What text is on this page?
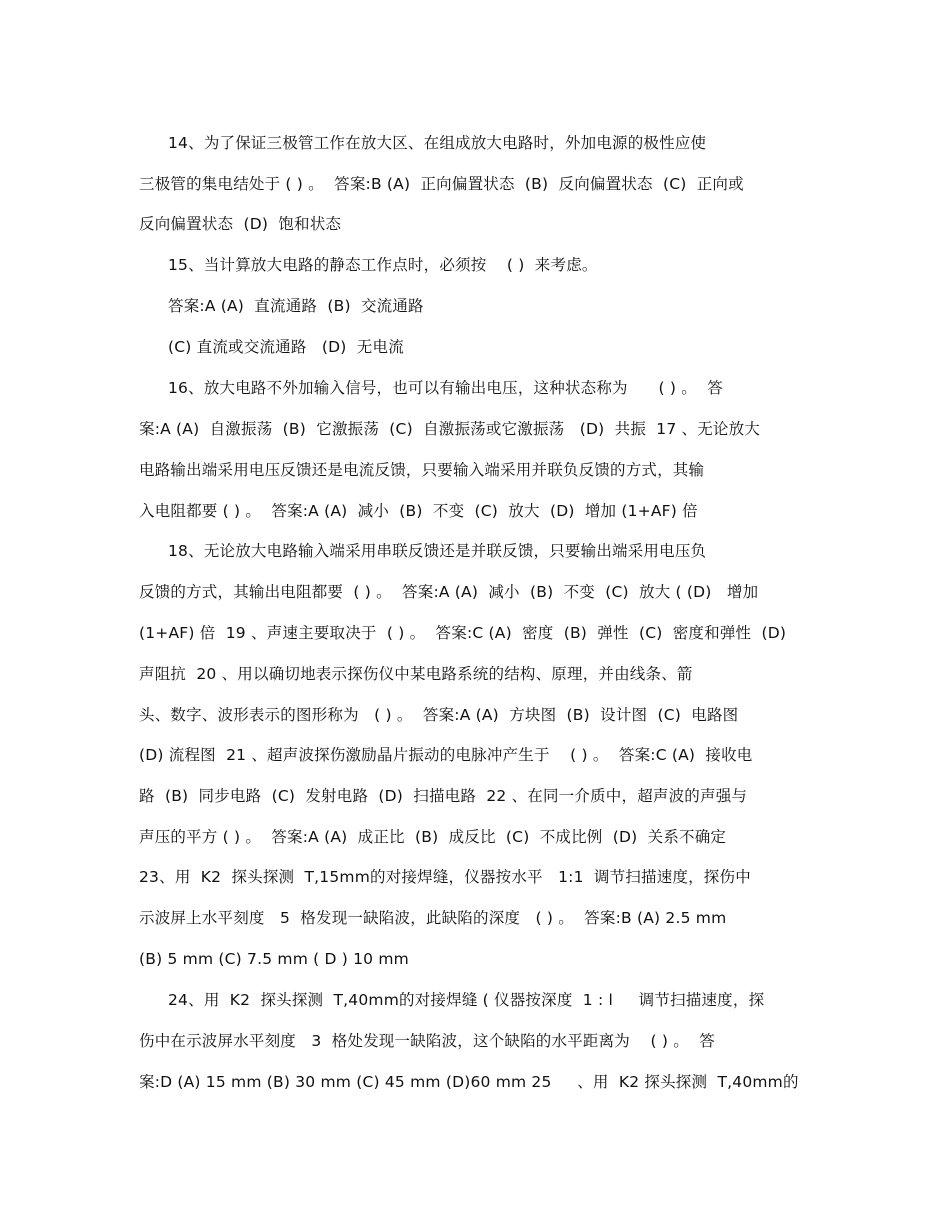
14、为了保证三极管工作在放大区、在组成放大电路时，外加电源的极性应使
三极管的集电结处于 ( ) 。  答案:B (A)  正向偏置状态  (B)  反向偏置状态  (C)  正向或
反向偏置状态  (D)  饱和状态
15、当计算放大电路的静态工作点时，必须按    ( )  来考虑。
答案:A (A)  直流通路  (B)  交流通路
(C) 直流或交流通路   (D)  无电流
16、放大电路不外加输入信号，也可以有输出电压，这种状态称为      ( ) 。  答
案:A (A)  自激振荡  (B)  它激振荡  (C)  自激振荡或它激振荡   (D)  共振  17 、无论放大
电路输出端采用电压反馈还是电流反馈，只要输入端采用并联负反馈的方式，其输
入电阻都要 ( ) 。  答案:A (A)  减小  (B)  不变  (C)  放大  (D)  增加 (1+AF) 倍
18、无论放大电路输入端采用串联反馈还是并联反馈，只要输出端采用电压负
反馈的方式，其输出电阻都要  ( ) 。  答案:A (A)  减小  (B)  不变  (C)  放大 ( (D)   增加
(1+AF) 倍  19 、声速主要取决于  ( ) 。  答案:C (A)  密度  (B)  弹性  (C)  密度和弹性  (D)
声阻抗  20 、用以确切地表示探伤仪中某电路系统的结构、原理，并由线条、箭
头、数字、波形表示的图形称为   ( ) 。  答案:A (A)  方块图  (B)  设计图  (C)  电路图
(D) 流程图  21 、超声波探伤激励晶片振动的电脉冲产生于    ( ) 。  答案:C (A)  接收电
路  (B)  同步电路  (C)  发射电路  (D)  扫描电路  22 、在同一介质中，超声波的声强与
声压的平方 ( ) 。  答案:A (A)  成正比  (B)  成反比  (C)  不成比例  (D)  关系不确定
23、用  K2  探头探测  T,15mm的对接焊缝，仪器按水平   1:1  调节扫描速度，探伤中
示波屏上水平刻度   5  格发现一缺陷波，此缺陷的深度   ( ) 。  答案:B (A) 2.5 mm
(B) 5 mm (C) 7.5 mm ( D ) 10 mm
24、用  K2  探头探测  T,40mm的对接焊缝 ( 仪器按深度  1 : l     调节扫描速度，探
伤中在示波屏水平刻度   3  格处发现一缺陷波，这个缺陷的水平距离为    ( ) 。  答
案:D (A) 15 mm (B) 30 mm (C) 45 mm (D)60 mm 25     、用  K2 探头探测  T,40mm的
